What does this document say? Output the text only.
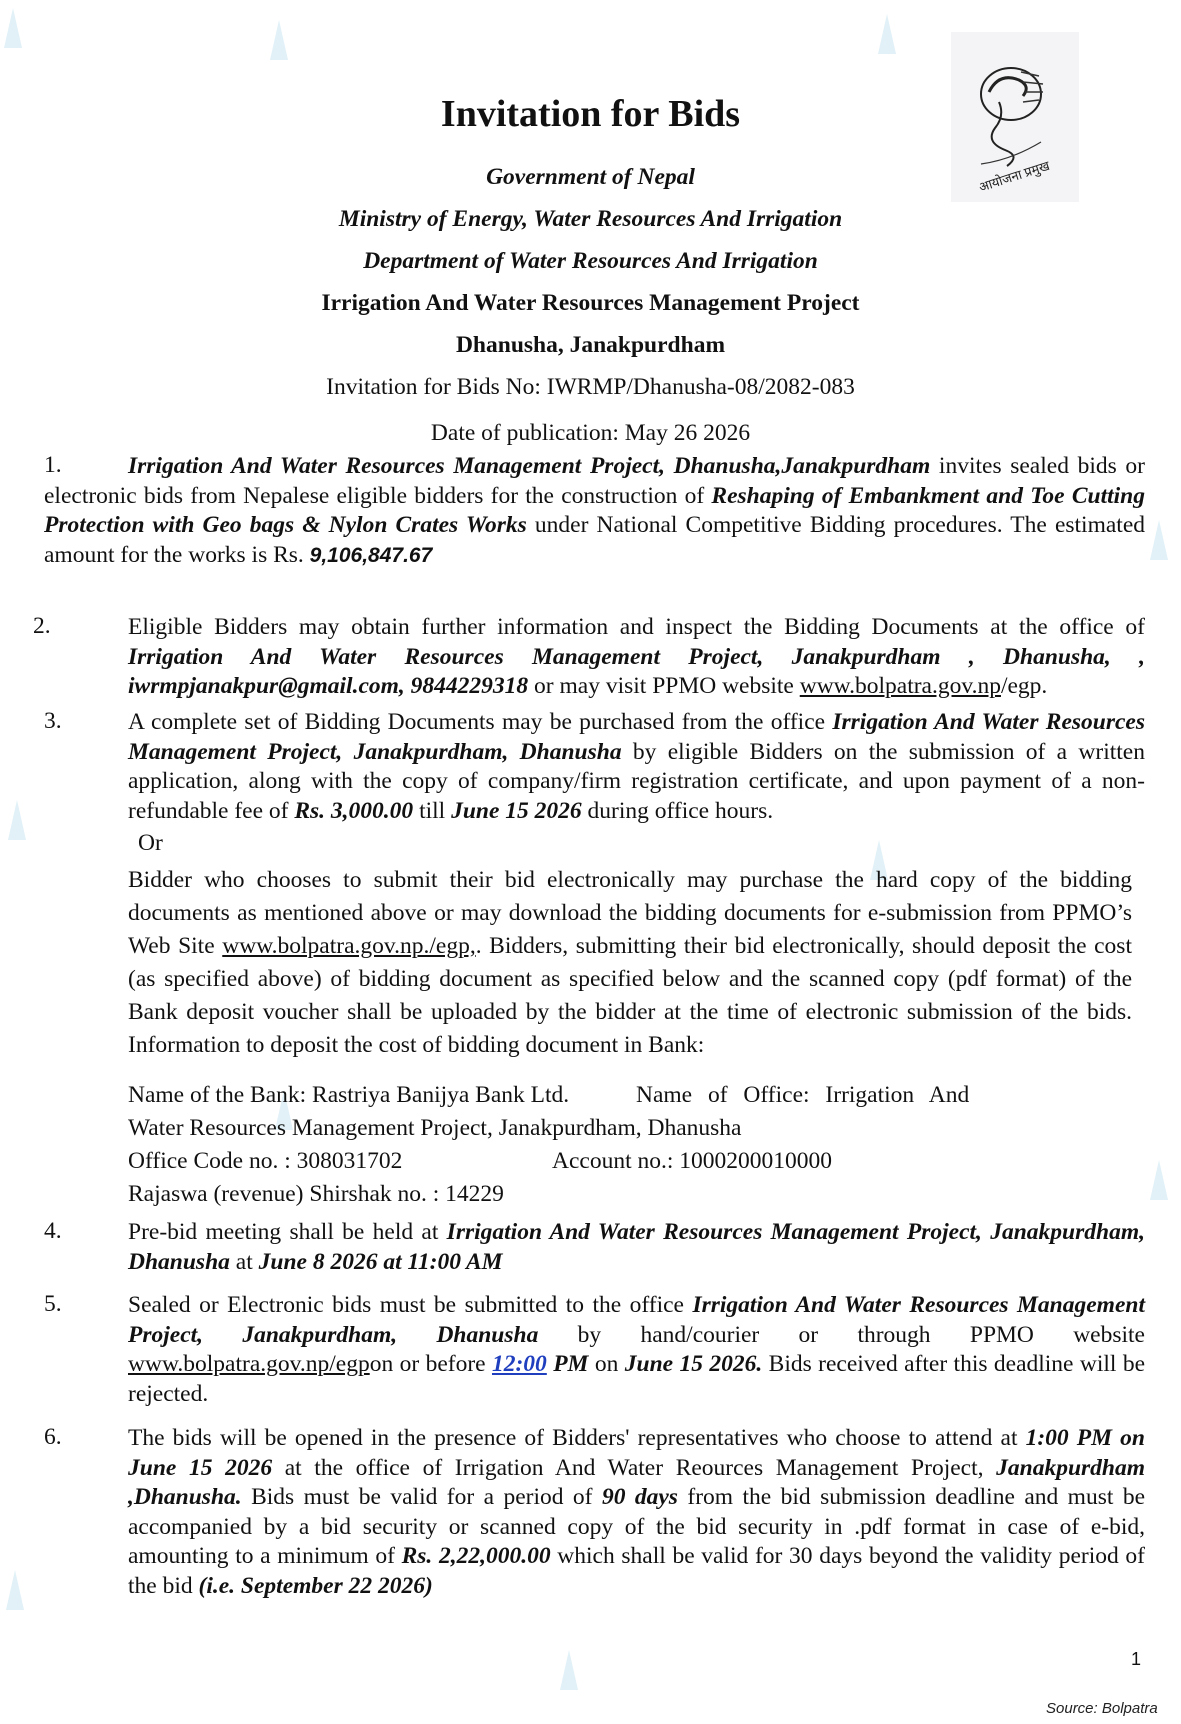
आयोजना प्रमुख
Invitation for Bids
Government of Nepal
Ministry of Energy, Water Resources And Irrigation
Department of Water Resources And Irrigation
Irrigation And Water Resources Management Project
Dhanusha, Janakpurdham
Invitation for Bids No: IWRMP/Dhanusha-08/2082-083
Date of publication: May 26 2026
1.	Irrigation And Water Resources Management Project, Dhanusha,Janakpurdham invites sealed bids or electronic bids from Nepalese eligible bidders for the construction of Reshaping of Embankment and Toe Cutting Protection with Geo bags & Nylon Crates Works under National Competitive Bidding procedures. The estimated amount for the works is Rs. 9,106,847.67
2.	Eligible Bidders may obtain further information and inspect the Bidding Documents at the office of Irrigation And Water Resources Management Project, Janakpurdham , Dhanusha, , iwrmpjanakpur@gmail.com, 9844229318 or may visit PPMO website www.bolpatra.gov.np/egp.
3.	A complete set of Bidding Documents may be purchased from the office Irrigation And Water Resources Management Project, Janakpurdham, Dhanusha by eligible Bidders on the submission of a written application, along with the copy of company/firm registration certificate, and upon payment of a non-refundable fee of Rs. 3,000.00 till June 15 2026 during office hours.
Or
Bidder who chooses to submit their bid electronically may purchase the hard copy of the bidding documents as mentioned above or may download the bidding documents for e-submission from PPMO’s Web Site www.bolpatra.gov.np./egp,. Bidders, submitting their bid electronically, should deposit the cost (as specified above) of bidding document as specified below and the scanned copy (pdf format) of the Bank deposit voucher shall be uploaded by the bidder at the time of electronic submission of the bids. Information to deposit the cost of bidding document in Bank:
Name of the Bank: Rastriya Banijya Bank Ltd.	Name of Office: Irrigation And
Water Resources Management Project, Janakpurdham, Dhanusha
Office Code no. : 308031702	Account no.: 1000200010000
Rajaswa (revenue) Shirshak no. : 14229
4.	Pre-bid meeting shall be held at Irrigation And Water Resources Management Project, Janakpurdham, Dhanusha at June 8 2026 at 11:00 AM
5.	Sealed or Electronic bids must be submitted to the office Irrigation And Water Resources Management Project, Janakpurdham, Dhanusha by hand/courier or through PPMO website www.bolpatra.gov.np/egpon or before 12:00 PM on June 15 2026. Bids received after this deadline will be rejected.
6.	The bids will be opened in the presence of Bidders' representatives who choose to attend at 1:00 PM on June 15 2026 at the office of Irrigation And Water Reources Management Project, Janakpurdham ,Dhanusha. Bids must be valid for a period of 90 days from the bid submission deadline and must be accompanied by a bid security or scanned copy of the bid security in .pdf format in case of e-bid, amounting to a minimum of Rs. 2,22,000.00 which shall be valid for 30 days beyond the validity period of the bid (i.e. September 22 2026)
1
Source: Bolpatra
